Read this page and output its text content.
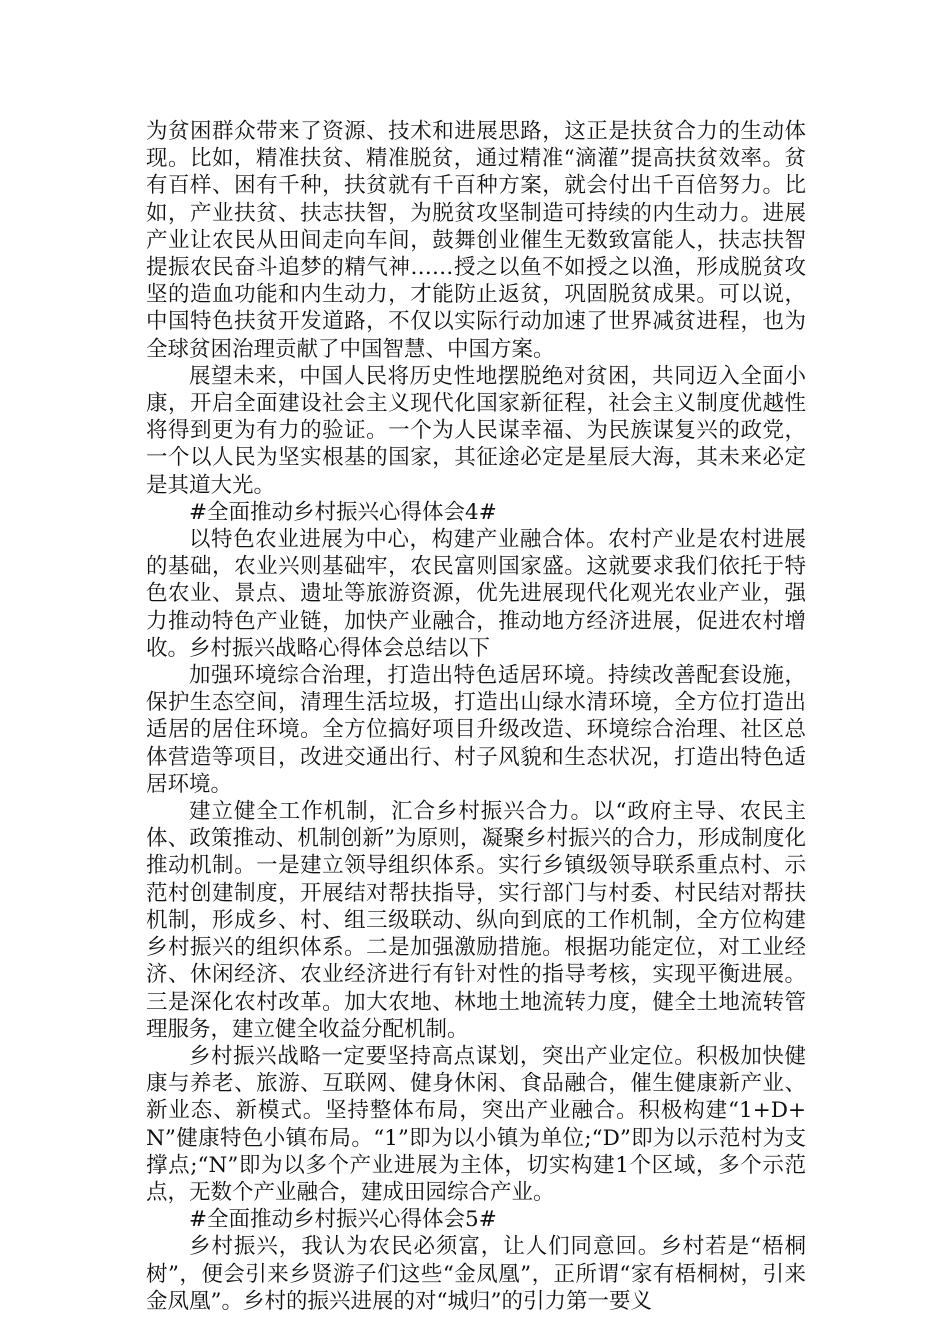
为贫困群众带来了资源、技术和进展思路，这正是扶贫合力的生动体现。比如，精准扶贫、精准脱贫，通过精准“滴灌”提高扶贫效率。贫有百样、困有千种，扶贫就有千百种方案，就会付出千百倍努力。比如，产业扶贫、扶志扶智，为脱贫攻坚制造可持续的内生动力。进展产业让农民从田间走向车间，鼓舞创业催生无数致富能人，扶志扶智提振农民奋斗追梦的精气神……授之以鱼不如授之以渔，形成脱贫攻坚的造血功能和内生动力，才能防止返贫，巩固脱贫成果。可以说，中国特色扶贫开发道路，不仅以实际行动加速了世界减贫进程，也为全球贫困治理贡献了中国智慧、中国方案。

展望未来，中国人民将历史性地摆脱绝对贫困，共同迈入全面小康，开启全面建设社会主义现代化国家新征程，社会主义制度优越性将得到更为有力的验证。一个为人民谋幸福、为民族谋复兴的政党，一个以人民为坚实根基的国家，其征途必定是星辰大海，其未来必定是其道大光。

#全面推动乡村振兴心得体会4#

以特色农业进展为中心，构建产业融合体。农村产业是农村进展的基础，农业兴则基础牢，农民富则国家盛。这就要求我们依托于特色农业、景点、遗址等旅游资源，优先进展现代化观光农业产业，强力推动特色产业链，加快产业融合，推动地方经济进展，促进农村增收。乡村振兴战略心得体会总结以下

加强环境综合治理，打造出特色适居环境。持续改善配套设施，保护生态空间，清理生活垃圾，打造出山绿水清环境，全方位打造出适居的居住环境。全方位搞好项目升级改造、环境综合治理、社区总体营造等项目，改进交通出行、村子风貌和生态状况，打造出特色适居环境。

建立健全工作机制，汇合乡村振兴合力。以“政府主导、农民主体、政策推动、机制创新”为原则，凝聚乡村振兴的合力，形成制度化推动机制。一是建立领导组织体系。实行乡镇级领导联系重点村、示范村创建制度，开展结对帮扶指导，实行部门与村委、村民结对帮扶机制，形成乡、村、组三级联动、纵向到底的工作机制，全方位构建乡村振兴的组织体系。二是加强激励措施。根据功能定位，对工业经济、休闲经济、农业经济进行有针对性的指导考核，实现平衡进展。三是深化农村改革。加大农地、林地土地流转力度，健全土地流转管理服务，建立健全收益分配机制。

乡村振兴战略一定要坚持高点谋划，突出产业定位。积极加快健康与养老、旅游、互联网、健身休闲、食品融合，催生健康新产业、新业态、新模式。坚持整体布局，突出产业融合。积极构建“1+D+N”健康特色小镇布局。“1”即为以小镇为单位;“D”即为以示范村为支撑点;“N”即为以多个产业进展为主体，切实构建1个区域，多个示范点，无数个产业融合，建成田园综合产业。

#全面推动乡村振兴心得体会5#

乡村振兴，我认为农民必须富，让人们同意回。乡村若是“梧桐树”，便会引来乡贤游子们这些“金凤凰”，正所谓“家有梧桐树，引来金凤凰”。乡村的振兴进展的对“城归”的引力第一要义
